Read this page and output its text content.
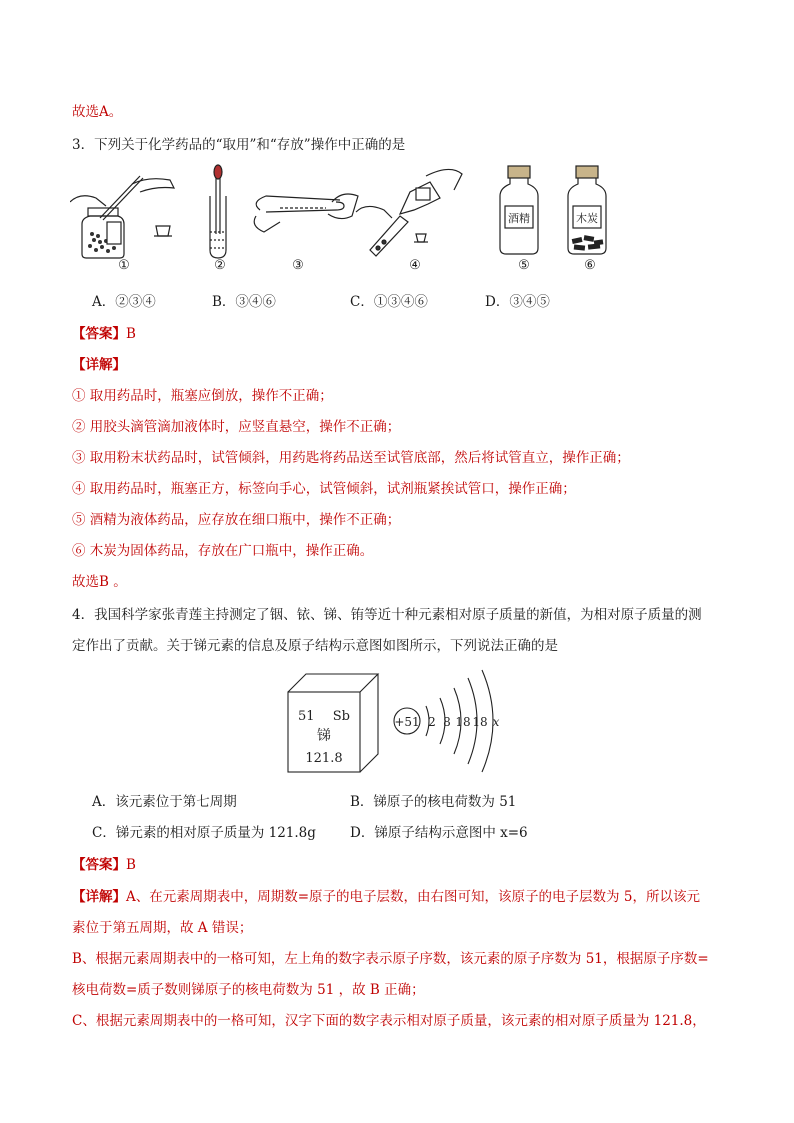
故选A。
3．下列关于化学药品的“取用”和“存放”操作中正确的是
酒精	木炭
①	②	③	④	⑤	⑥
A．②③④	B．③④⑥	C．①③④⑥	D．③④⑤
【答案】B
【详解】
① 取用药品时，瓶塞应倒放，操作不正确；
② 用胶头滴管滴加液体时，应竖直悬空，操作不正确；
③ 取用粉末状药品时，试管倾斜，用药匙将药品送至试管底部，然后将试管直立，操作正确；
④ 取用药品时，瓶塞正方，标签向手心，试管倾斜，试剂瓶紧挨试管口，操作正确；
⑤ 酒精为液体药品，应存放在细口瓶中，操作不正确；
⑥ 木炭为固体药品，存放在广口瓶中，操作正确。
故选B 。
4．我国科学家张青莲主持测定了铟、铱、锑、铕等近十种元素相对原子质量的新值，为相对原子质量的测
定作出了贡献。关于锑元素的信息及原子结构示意图如图所示，下列说法正确的是
51 Sb
锑
121.8
+51 2 8 18 18 x
A．该元素位于第七周期	B．锑原子的核电荷数为 51
C．锑元素的相对原子质量为 121.8g	D．锑原子结构示意图中 x=6
【答案】B
【详解】A、在元素周期表中，周期数=原子的电子层数，由右图可知，该原子的电子层数为 5，所以该元
素位于第五周期，故 A 错误；
B、根据元素周期表中的一格可知，左上角的数字表示原子序数，该元素的原子序数为 51，根据原子序数=
核电荷数=质子数则锑原子的核电荷数为 51 ，故 B 正确；
C、根据元素周期表中的一格可知，汉字下面的数字表示相对原子质量，该元素的相对原子质量为 121.8，
